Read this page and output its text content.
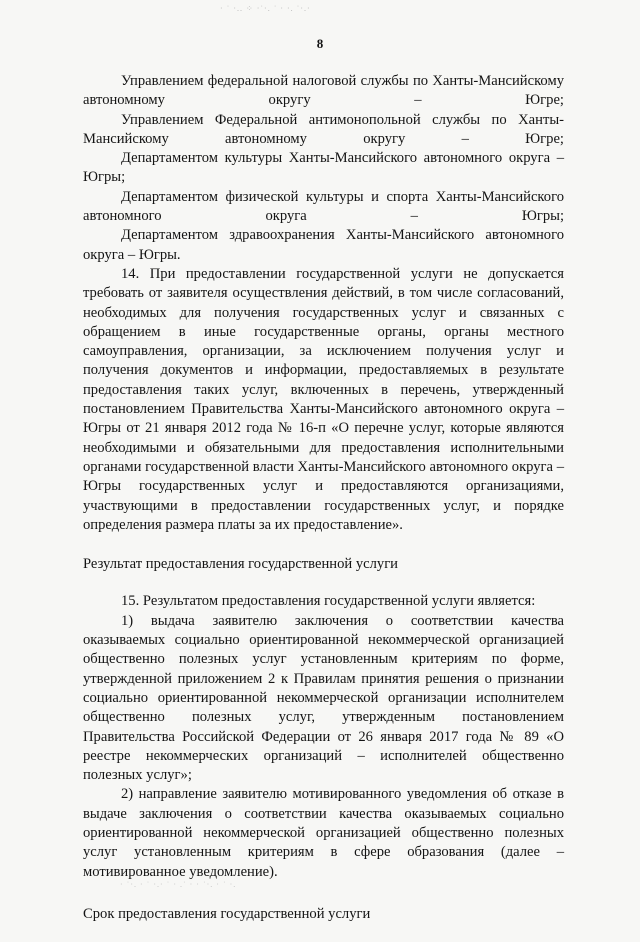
· ˙ ·.. ⁘ ·˙·. ˙ · ·. ˙·.·
8

Управлением федеральной налоговой службы по Ханты-Мансийскому автономному округу – Югре;

Управлением Федеральной антимонопольной службы по Ханты-Мансийскому автономному округу – Югре;

Департаментом культуры Ханты-Мансийского автономного округа – Югры;

Департаментом физической культуры и спорта Ханты-Мансийского автономного округа – Югры;

Департаментом здравоохранения Ханты-Мансийского автономного округа – Югры.

14. При предоставлении государственной услуги не допускается требовать от заявителя осуществления действий, в том числе согласований, необходимых для получения государственных услуг и связанных с обращением в иные государственные органы, органы местного самоуправления, организации, за исключением получения услуг и получения документов и информации, предоставляемых в результате предоставления таких услуг, включенных в перечень, утвержденный постановлением Правительства Ханты-Мансийского автономного округа – Югры от 21 января 2012 года № 16-п «О перечне услуг, которые являются необходимыми и обязательными для предоставления исполнительными органами государственной власти Ханты-Мансийского автономного округа – Югры государственных услуг и предоставляются организациями, участвующими в предоставлении государственных услуг, и порядке определения размера платы за их предоставление».

Результат предоставления государственной услуги

15. Результатом предоставления государственной услуги является:

1) выдача заявителю заключения о соответствии качества оказываемых социально ориентированной некоммерческой организацией общественно полезных услуг установленным критериям по форме, утвержденной приложением 2 к Правилам принятия решения о признании социально ориентированной некоммерческой организации исполнителем общественно полезных услуг, утвержденным постановлением Правительства Российской Федерации от 26 января 2017 года № 89 «О реестре некоммерческих организаций – исполнителей общественно полезных услуг»;

2) направление заявителю мотивированного уведомления об отказе в выдаче заключения о соответствии качества оказываемых социально ориентированной некоммерческой организацией общественно полезных услуг установленным критериям в сфере образования (далее – мотивированное уведомление).

Срок предоставления государственной услуги

· ˙·. · ˙ ·.· ˙ · .˙ · · ˙·. · ˙ ·.
